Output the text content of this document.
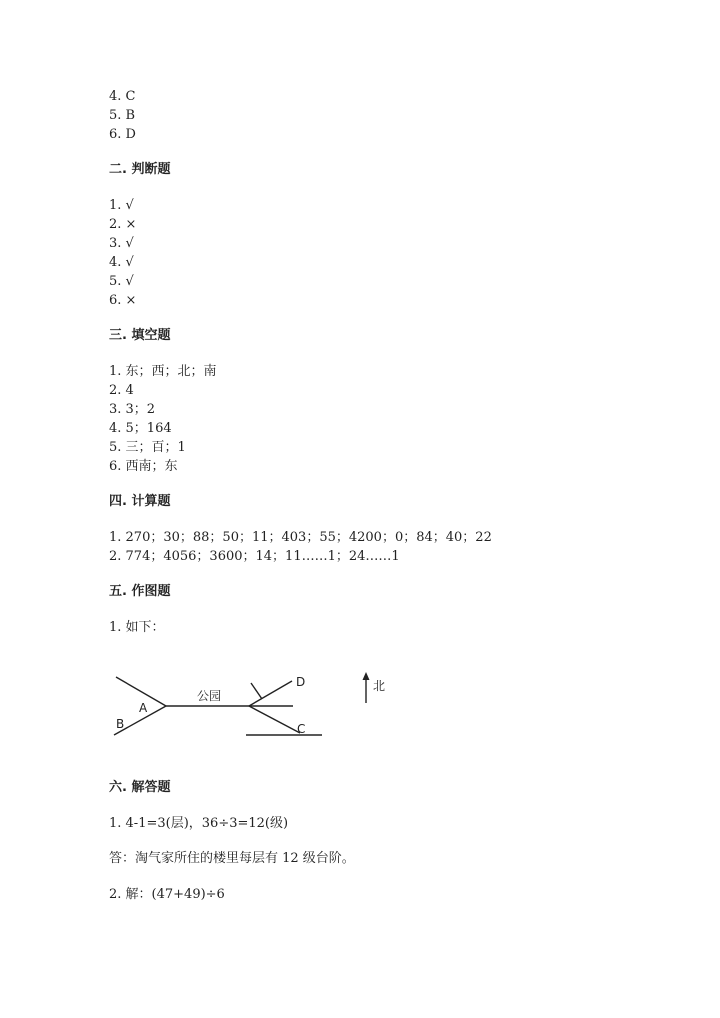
4. C
5. B
6. D
二. 判断题
1. √
2. ×
3. √
4. √
5. √
6. ×
三. 填空题
1. 东；西；北；南
2. 4
3. 3；2
4. 5；164
5. 三；百；1
6. 西南；东
四. 计算题
1. 270；30；88；50；11；403；55；4200；0；84；40；22
2. 774；4056；3600；14；11……1；24……1
五. 作图题
1. 如下：
A
B	C
D
公园
北
六. 解答题
1. 4-1=3(层)，36÷3=12(级)
答：淘气家所住的楼里每层有 12 级台阶。
2. 解：(47+49)÷6
